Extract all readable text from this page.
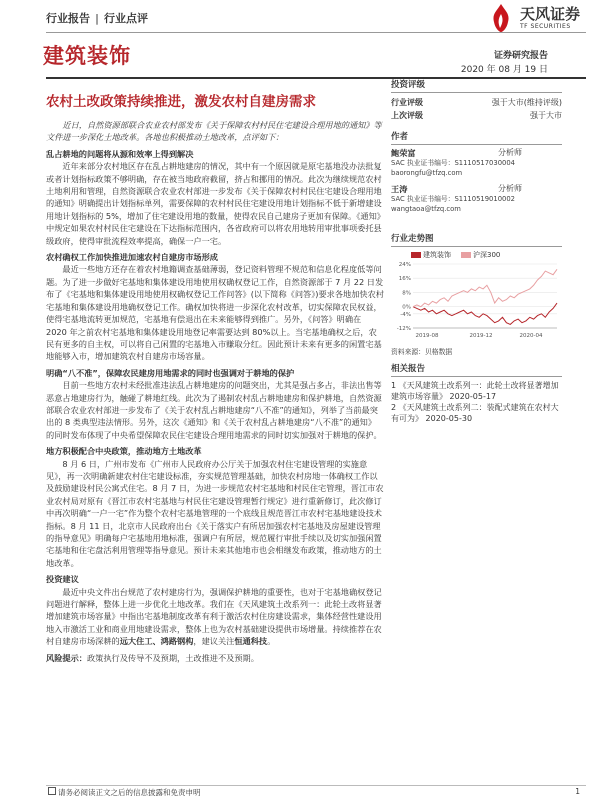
行业报告 | 行业点评	天风证券
TF SECURITIES
建筑装饰	证券研究报告
2020 年 08 月 19 日
农村土改政策持续推进，激发农村自建房需求

近日，自然资源部联合农业农村部发布《关于保障农村村民住宅建设合理用地的通知》等文件进一步深化土地改革。各地也积极推动土地改革，点评如下：

乱占耕地的问题将从源和效率上得到解决

近年来部分农村地区存在乱占耕地建房的情况，其中有一个原因就是原宅基地没办法批复或者计划指标政策不够明确，存在被当地政府截留，挤占和挪用的情况。此次为继续规范农村土地利用和管理，自然资源联合农业农村部进一步发布《关于保障农村村民住宅建设合理用地的通知》明确提出计划指标单列，需要保障的农村村民住宅建设用地计划指标不低于新增建设用地计划指标的 5%，增加了住宅建设用地的数量，使得农民自己建房子更加有保障。《通知》中规定如果农村村民住宅建设在下达指标范围内，各省政府可以将农用地转用审批事项委托县级政府，使得审批流程效率提高，确保一户一宅。

农村确权工作加快推进加速农村自建房市场形成

最近一些地方还存在着农村地籍调查基础薄弱，登记资料管理不规范和信息化程度低等问题。为了进一步做好宅基地和集体建设用地使用权确权登记工作，自然资源部于 7 月 22 日发布了《宅基地和集体建设用地使用权确权登记工作问答》(以下简称《问答》)要求各地加快农村宅基地和集体建设用地确权登记工作。确权加快将进一步深化农村改革，切实保障农民权益，使得宅基地流转更加规范，宅基地有偿退出在未来能够得到推广。另外，《问答》明确在 2020 年之前农村宅基地和集体建设用地登记率需要达到 80%以上。当宅基地确权之后，农民有更多的自主权，可以将自己闲置的宅基地入市赚取分红。因此预计未来有更多的闲置宅基地能够入市，增加建筑农村自建房市场容量。

明确“八不准”，保障农民建房用地需求的同时也强调对于耕地的保护

目前一些地方农村未经批准违法乱占耕地建房的问题突出，尤其是强占多占，非法出售等恶意占地建房行为，触碰了耕地红线。此次为了遏制农村乱占耕地建房和保护耕地，自然资源部联合农业农村部进一步发布了《关于农村乱占耕地建房“八不准”的通知》，列举了当前最突出的 8 类典型违法情形。另外，这次《通知》和《关于农村乱占耕地建房“八不准”的通知》的同时发布体现了中央希望保障农民住宅建设合理用地需求的同时切实加强对于耕地的保护。

地方积极配合中央政策，推动地方土地改革

8 月 6 日，广州市发布《广州市人民政府办公厅关于加强农村住宅建设管理的实施意见》，再一次明确新建农村住宅建设标准，夯实规范管理基础，加快农村房地一体确权工作以及鼓励建设村民公寓式住宅。8 月 7 日，为进一步规范农村宅基地和村民住宅管理，晋江市农业农村局对原有《晋江市农村宅基地与村民住宅建设管理暂行规定》进行重新修订，此次修订中再次明确“一户一宅”作为整个农村宅基地管理的一个底线且规范晋江市农村宅基地建设技术指标。8 月 11 日，北京市人民政府出台《关于落实户有所居加强农村宅基地及房屋建设管理的指导意见》明确每户宅基地用地标准，强调户有所居，规范履行审批手续以及切实加强闲置宅基地和住宅盘活利用管理等指导意见。预计未来其他地市也会相继发布政策，推动地方的土地改革。

投资建议

最近中央文件出台规范了农村建房行为，强调保护耕地的重要性，也对于宅基地确权登记问题进行解释，整体上进一步优化土地改革。我们在《天风建筑土改系列一：此轮土改将显著增加建筑市场容量》中指出宅基地制度改革有利于激活农村住房建设需求，集体经营性建设用地入市激活工业和商业用地建设需求，整体上也为农村基础建设提供市场增量。持续推荐在农村自建房市场深耕的远大住工、鸿路钢构，建议关注恒通科技。

风险提示：政策执行及传导不及预期，土改推进不及预期。

投资评级
行业评级	强于大市(维持评级)
上次评级	强于大市
作者
鲍荣富	分析师
SAC 执业证书编号：S1110517030004
baorongfu@tfzq.com
王涛	分析师
SAC 执业证书编号：S1110519010002
wangtaoa@tfzq.com
行业走势图
建筑装饰	沪深300
24%
16%
8%
0%
-4%
-12%
2019-08	2019-12	2020-04
资料来源：贝格数据
相关报告
1 《天风建筑土改系列一：此轮土改将显著增加建筑市场容量》 2020-05-17
2 《天风建筑土改系列二：装配式建筑在农村大有可为》 2020-05-30
请务必阅读正文之后的信息披露和免责申明	1
